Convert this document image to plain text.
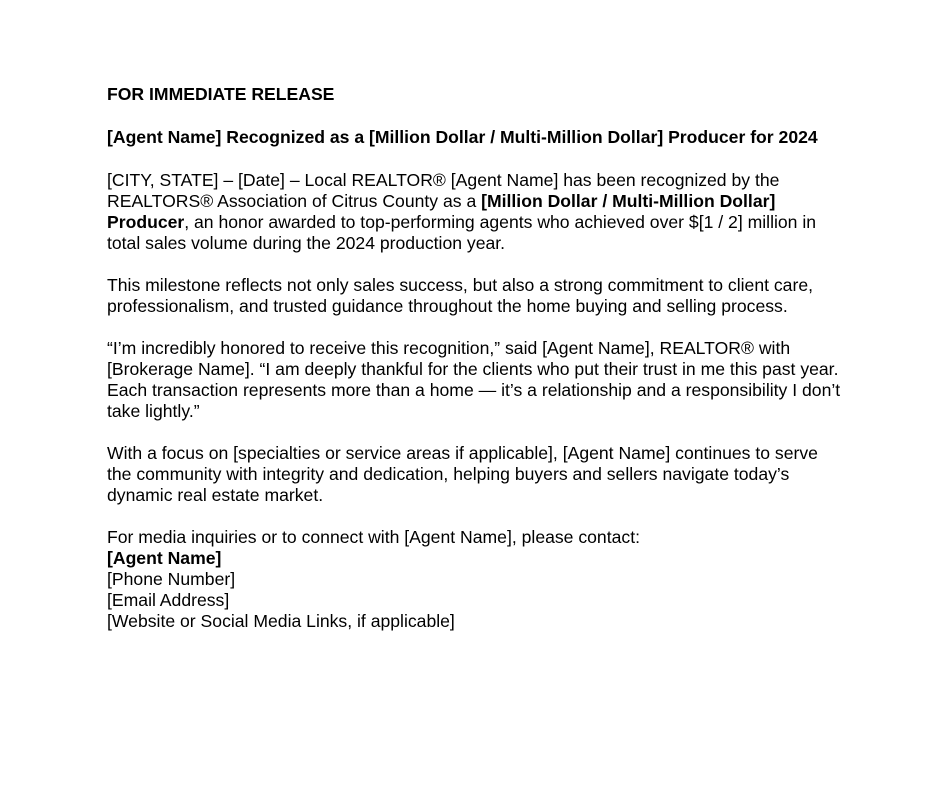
FOR IMMEDIATE RELEASE
[Agent Name] Recognized as a [Million Dollar / Multi-Million Dollar] Producer for 2024
[CITY, STATE] – [Date] – Local REALTOR® [Agent Name] has been recognized by the REALTORS® Association of Citrus County as a [Million Dollar / Multi-Million Dollar] Producer, an honor awarded to top-performing agents who achieved over $[1 / 2] million in total sales volume during the 2024 production year.
This milestone reflects not only sales success, but also a strong commitment to client care, professionalism, and trusted guidance throughout the home buying and selling process.
“I’m incredibly honored to receive this recognition,” said [Agent Name], REALTOR® with [Brokerage Name]. “I am deeply thankful for the clients who put their trust in me this past year. Each transaction represents more than a home — it’s a relationship and a responsibility I don’t take lightly.”
With a focus on [specialties or service areas if applicable], [Agent Name] continues to serve the community with integrity and dedication, helping buyers and sellers navigate today’s dynamic real estate market.
For media inquiries or to connect with [Agent Name], please contact:
[Agent Name]
[Phone Number]
[Email Address]
[Website or Social Media Links, if applicable]
